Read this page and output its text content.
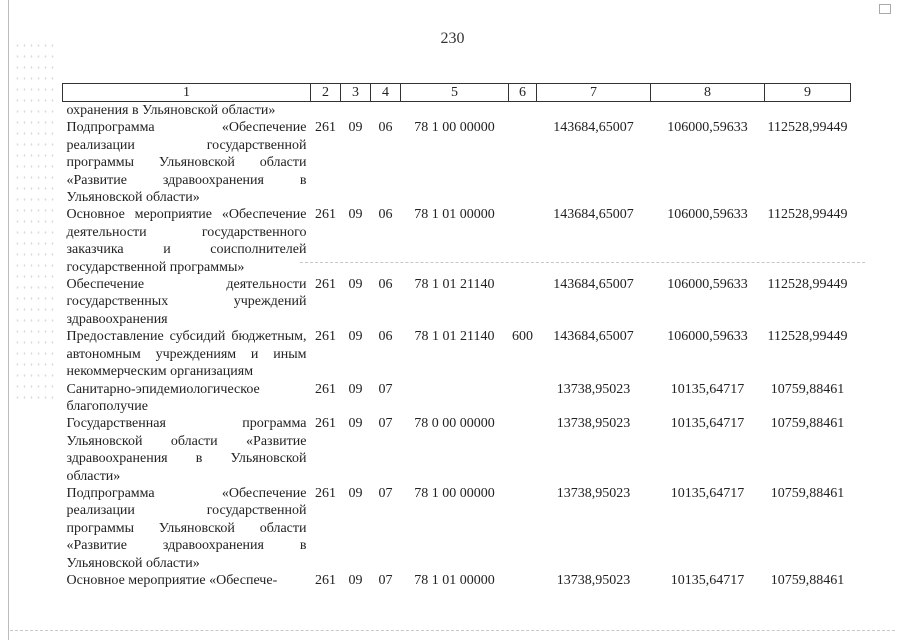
230
1	2	3	4	5	6	7	8	9
охранения в Ульяновской области»								
Подпрограмма «Обеспечение реализации государственной программы Ульяновской области «Развитие здравоохранения в Ульяновской области»	261	09	06	78 1 00 00000		143684,65007	106000,59633	112528,99449
Основное мероприятие «Обеспечение деятельности государственного заказчика и соисполнителей государственной программы»	261	09	06	78 1 01 00000		143684,65007	106000,59633	112528,99449
Обеспечение деятельности государственных учреждений здравоохранения	261	09	06	78 1 01 21140		143684,65007	106000,59633	112528,99449
Предоставление субсидий бюджетным, автономным учреждениям и иным некоммерческим организациям	261	09	06	78 1 01 21140	600	143684,65007	106000,59633	112528,99449
Санитарно-эпидемиологическое благополучие	261	09	07			13738,95023	10135,64717	10759,88461
Государственная программа Ульяновской области «Развитие здравоохранения в Ульяновской области»	261	09	07	78 0 00 00000		13738,95023	10135,64717	10759,88461
Подпрограмма «Обеспечение реализации государственной программы Ульяновской области «Развитие здравоохранения в Ульяновской области»	261	09	07	78 1 00 00000		13738,95023	10135,64717	10759,88461
Основное мероприятие «Обеспече-	261	09	07	78 1 01 00000		13738,95023	10135,64717	10759,88461
